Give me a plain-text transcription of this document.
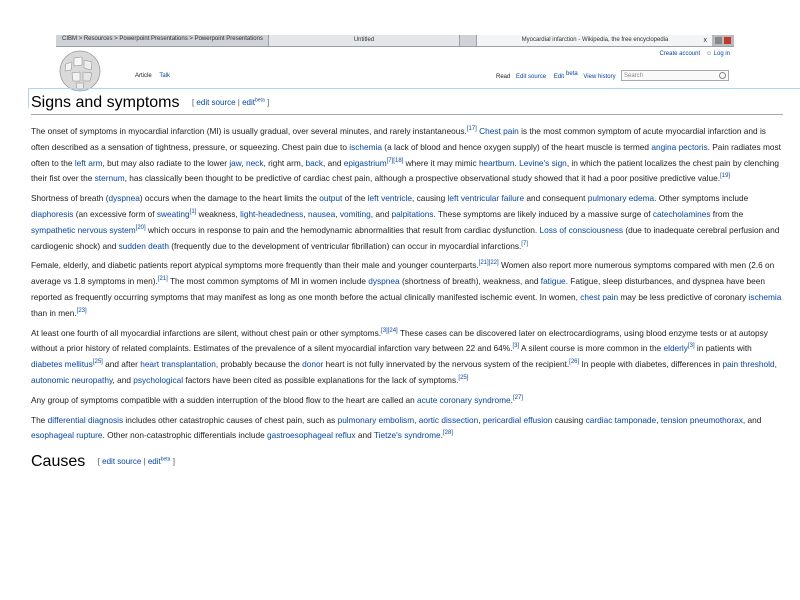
CIBM > Resources > Powerpoint Presentations > Powerpoint Presentations	Untitled	Myocardial infarction - Wikipedia, the free encyclopedia	x
Create account ☺ Log in
Article Talk	Read Edit source Edit $^{beta}$ View history	Search
Signs and symptoms [ edit source | edit$^{beta}$ ]

The onset of symptoms in myocardial infarction (MI) is usually gradual, over several minutes, and rarely instantaneous.[17] Chest pain is the most common symptom of acute myocardial infarction and is often described as a sensation of tightness, pressure, or squeezing. Chest pain due to ischemia (a lack of blood and hence oxygen supply) of the heart muscle is termed angina pectoris. Pain radiates most often to the left arm, but may also radiate to the lower jaw, neck, right arm, back, and epigastrium[7][18] where it may mimic heartburn. Levine's sign, in which the patient localizes the chest pain by clenching their fist over the sternum, has classically been thought to be predictive of cardiac chest pain, although a prospective observational study showed that it had a poor positive predictive value.[19]

Shortness of breath (dyspnea) occurs when the damage to the heart limits the output of the left ventricle, causing left ventricular failure and consequent pulmonary edema. Other symptoms include diaphoresis (an excessive form of sweating[1] weakness, light-headedness, nausea, vomiting, and palpitations. These symptoms are likely induced by a massive surge of catecholamines from the sympathetic nervous system[20] which occurs in response to pain and the hemodynamic abnormalities that result from cardiac dysfunction. Loss of consciousness (due to inadequate cerebral perfusion and cardiogenic shock) and sudden death (frequently due to the development of ventricular fibrillation) can occur in myocardial infarctions.[7]

Female, elderly, and diabetic patients report atypical symptoms more frequently than their male and younger counterparts.[21][22] Women also report more numerous symptoms compared with men (2.6 on average vs 1.8 symptoms in men).[21] The most common symptoms of MI in women include dyspnea (shortness of breath), weakness, and fatigue. Fatigue, sleep disturbances, and dyspnea have been reported as frequently occurring symptoms that may manifest as long as one month before the actual clinically manifested ischemic event. In women, chest pain may be less predictive of coronary ischemia than in men.[23]

At least one fourth of all myocardial infarctions are silent, without chest pain or other symptoms.[3][24] These cases can be discovered later on electrocardiograms, using blood enzyme tests or at autopsy without a prior history of related complaints. Estimates of the prevalence of a silent myocardial infarction vary between 22 and 64%.[3] A silent course is more common in the elderly[3] in patients with diabetes mellitus[25] and after heart transplantation, probably because the donor heart is not fully innervated by the nervous system of the recipient.[26] In people with diabetes, differences in pain threshold, autonomic neuropathy, and psychological factors have been cited as possible explanations for the lack of symptoms.[25]

Any group of symptoms compatible with a sudden interruption of the blood flow to the heart are called an acute coronary syndrome.[27]

The differential diagnosis includes other catastrophic causes of chest pain, such as pulmonary embolism, aortic dissection, pericardial effusion causing cardiac tamponade, tension pneumothorax, and esophageal rupture. Other non-catastrophic differentials include gastroesophageal reflux and Tietze's syndrome.[28]

Causes [ edit source | edit$^{beta}$ ]
